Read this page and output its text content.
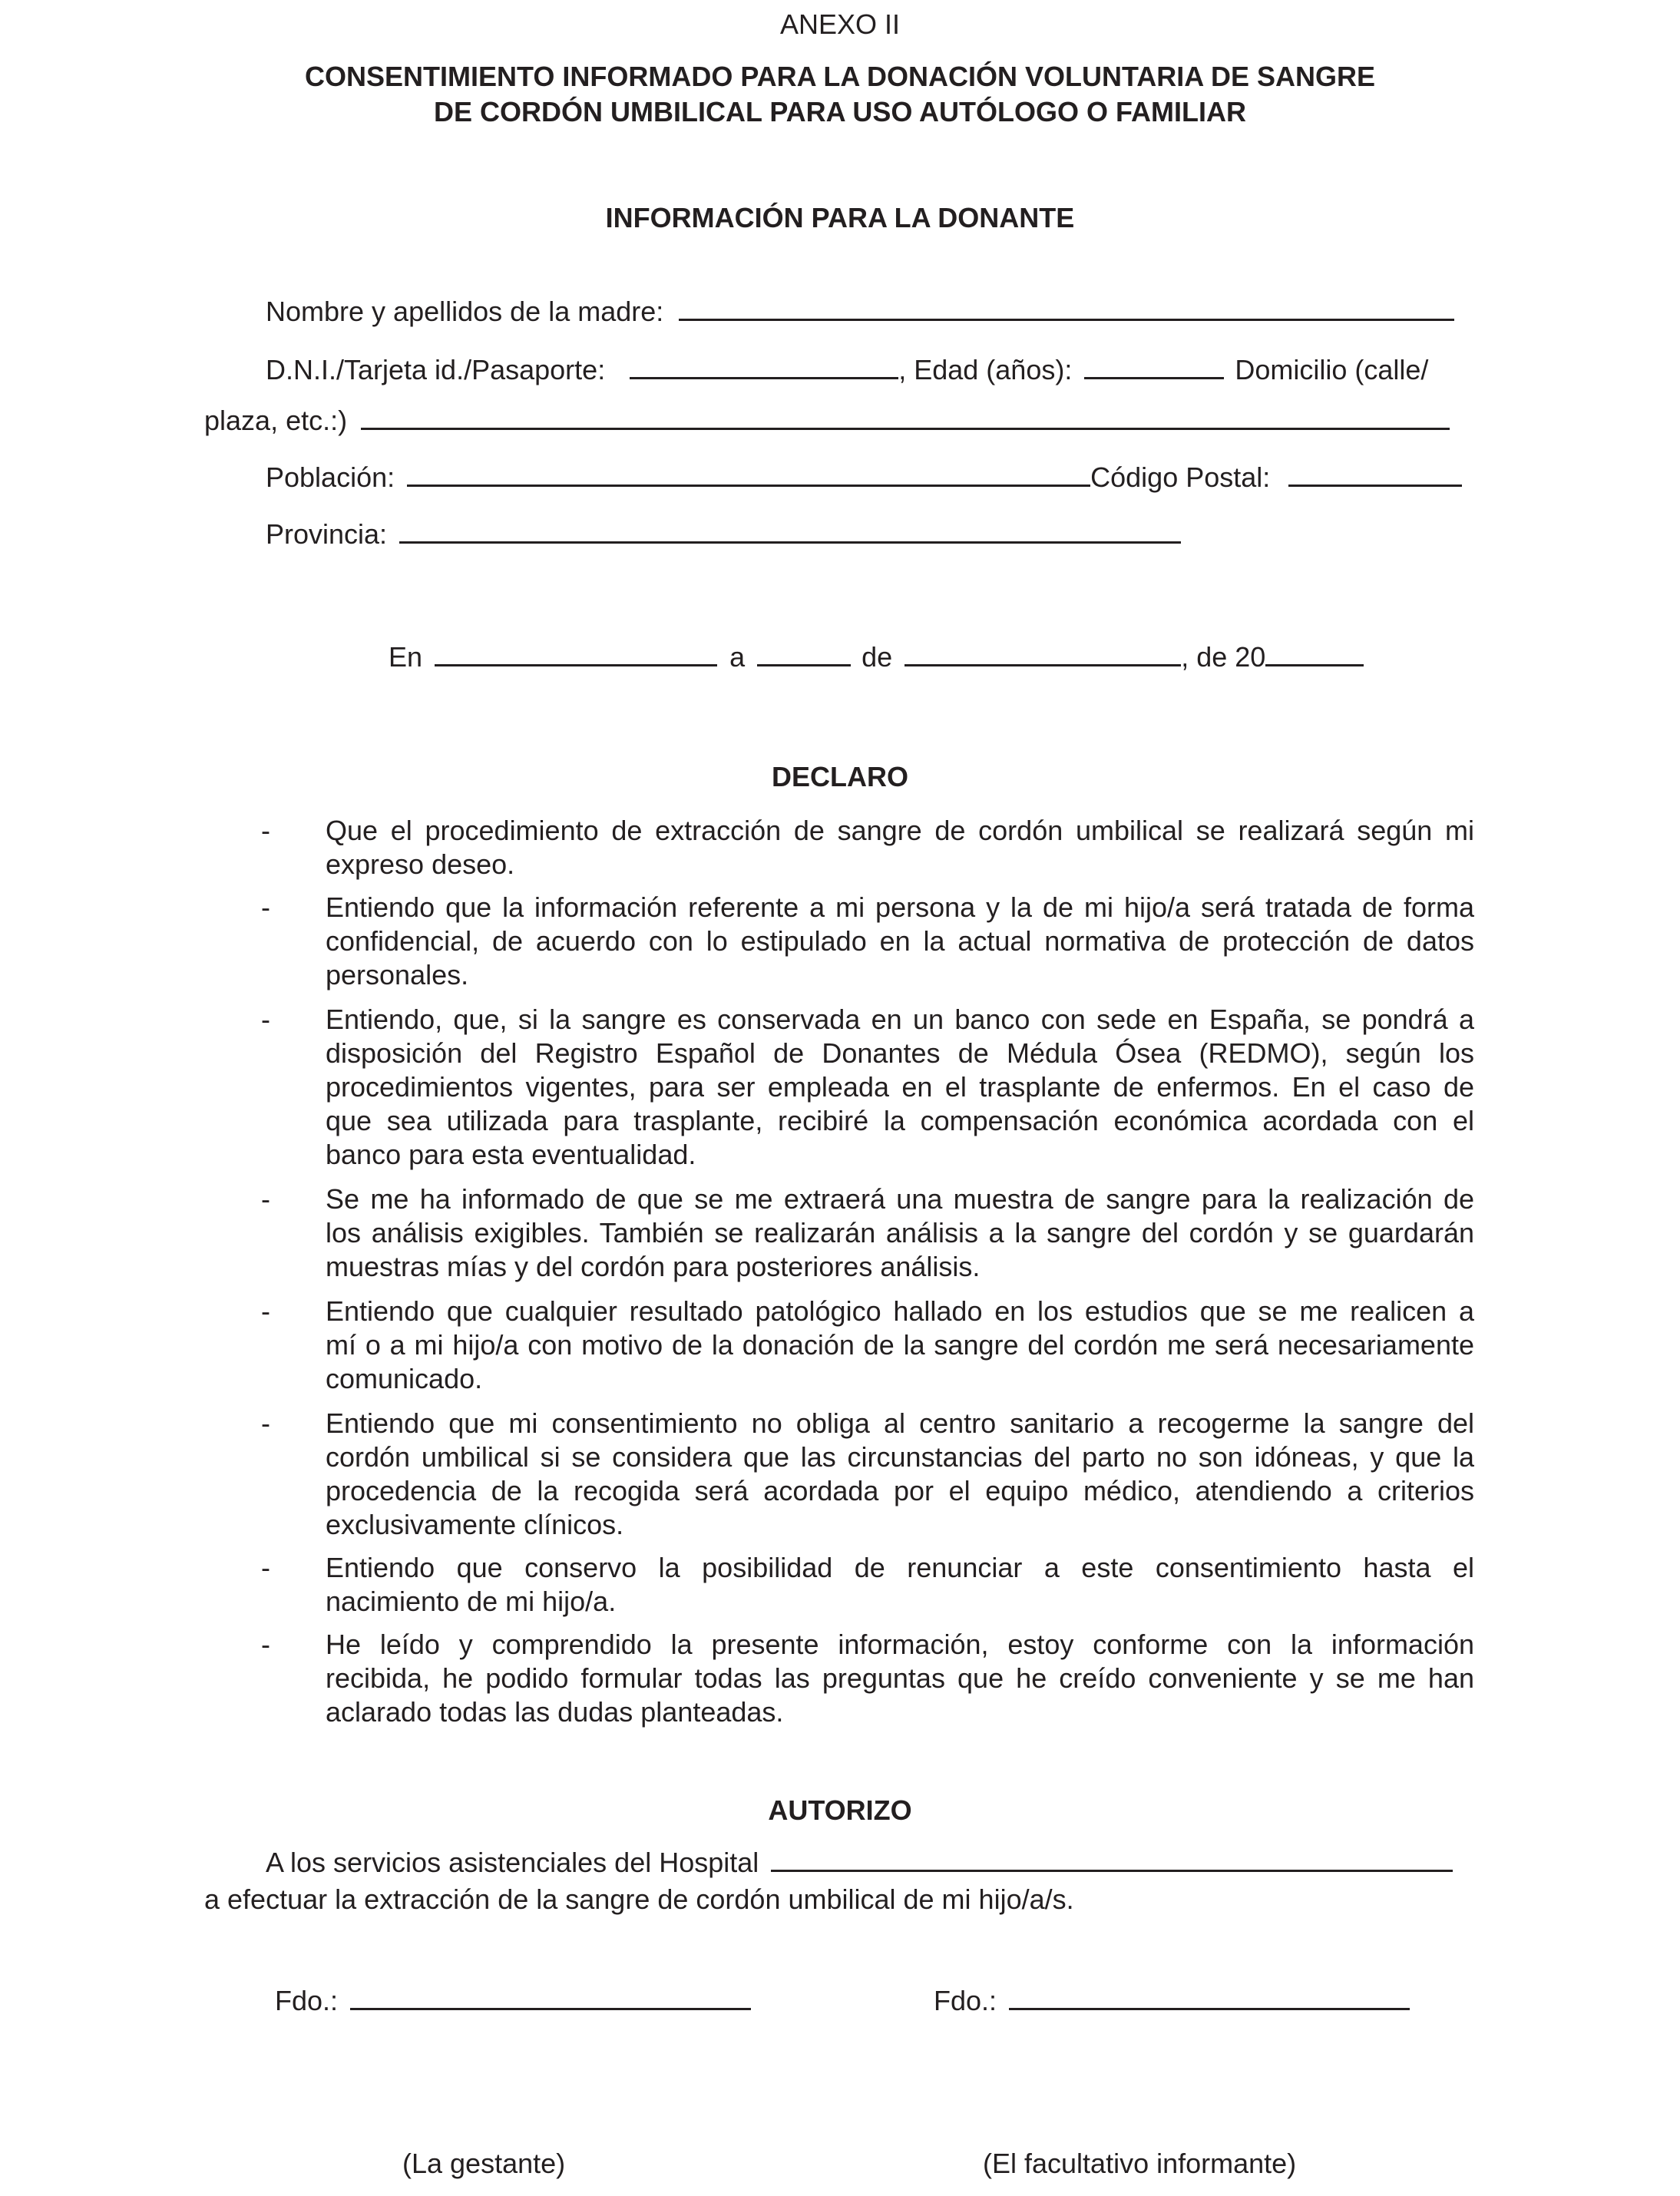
ANEXO II
CONSENTIMIENTO INFORMADO PARA LA DONACIÓN VOLUNTARIA DE SANGRE
DE CORDÓN UMBILICAL PARA USO AUTÓLOGO O FAMILIAR
INFORMACIÓN PARA LA DONANTE
Nombre y apellidos de la madre:
D.N.I./Tarjeta id./Pasaporte:	, Edad (años):	Domicilio (calle/
plaza, etc.:)
Población:	Código Postal:
Provincia:
En	a	de	, de 20
DECLARO
- Que el procedimiento de extracción de sangre de cordón umbilical se realizará según mi
expreso deseo.
- Entiendo que la información referente a mi persona y la de mi hijo/a será tratada de forma
confidencial, de acuerdo con lo estipulado en la actual normativa de protección de datos
personales.
- Entiendo, que, si la sangre es conservada en un banco con sede en España, se pondrá a
disposición del Registro Español de Donantes de Médula Ósea (REDMO), según los
procedimientos vigentes, para ser empleada en el trasplante de enfermos. En el caso de
que sea utilizada para trasplante, recibiré la compensación económica acordada con el
banco para esta eventualidad.
- Se me ha informado de que se me extraerá una muestra de sangre para la realización de
los análisis exigibles. También se realizarán análisis a la sangre del cordón y se guardarán
muestras mías y del cordón para posteriores análisis.
- Entiendo que cualquier resultado patológico hallado en los estudios que se me realicen a
mí o a mi hijo/a con motivo de la donación de la sangre del cordón me será necesariamente
comunicado.
- Entiendo que mi consentimiento no obliga al centro sanitario a recogerme la sangre del
cordón umbilical si se considera que las circunstancias del parto no son idóneas, y que la
procedencia de la recogida será acordada por el equipo médico, atendiendo a criterios
exclusivamente clínicos.
- Entiendo que conservo la posibilidad de renunciar a este consentimiento hasta el
nacimiento de mi hijo/a.
- He leído y comprendido la presente información, estoy conforme con la información
recibida, he podido formular todas las preguntas que he creído conveniente y se me han
aclarado todas las dudas planteadas.
AUTORIZO
A los servicios asistenciales del Hospital
a efectuar la extracción de la sangre de cordón umbilical de mi hijo/a/s.
Fdo.:	Fdo.:
(La gestante)	(El facultativo informante)
